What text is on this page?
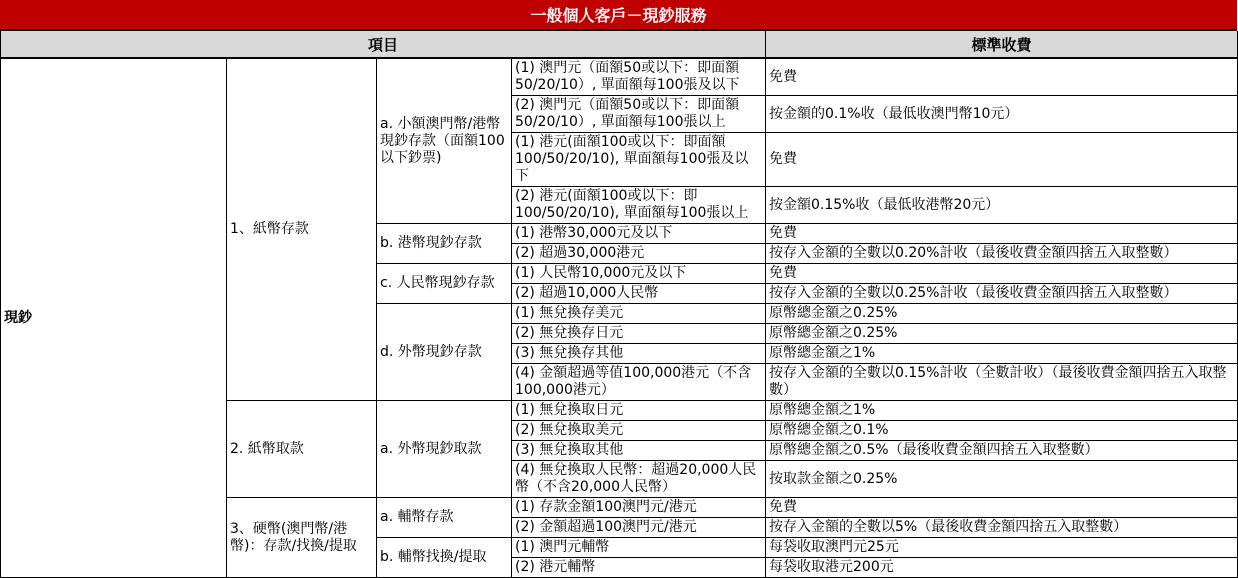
一般個人客戶－現鈔服務
項目				標準收費
現鈔	1、紙幣存款	a. 小額澳門幣/港幣現鈔存款（面額100以下鈔票)	(1) 澳門元（面額50或以下：即面額50/20/10）, 單面額每100張及以下	免費
			(2) 澳門元（面額50或以下：即面額50/20/10）, 單面額每100張以上	按金額的0.1%收（最低收澳門幣10元）
			(1) 港元(面額100或以下：即面額100/50/20/10), 單面額每100張及以下	免費
			(2) 港元(面額100或以下：即100/50/20/10), 單面額每100張以上	按金額0.15%收（最低收港幣20元）
		b. 港幣現鈔存款	(1) 港幣30,000元及以下	免費
			(2) 超過30,000港元	按存入金額的全數以0.20%計收（最後收費金額四捨五入取整數）
		c. 人民幣現鈔存款	(1) 人民幣10,000元及以下	免費
			(2) 超過10,000人民幣	按存入金額的全數以0.25%計收（最後收費金額四捨五入取整數）
		d. 外幣現鈔存款	(1) 無兌換存美元	原幣總金額之0.25%
			(2) 無兌換存日元	原幣總金額之0.25%
			(3) 無兌換存其他	原幣總金額之1%
			(4) 金額超過等值100,000港元（不含100,000港元）	按存入金額的全數以0.15%計收（全數計收）（最後收費金額四捨五入取整數）
	2. 紙幣取款	a. 外幣現鈔取款	(1) 無兌換取日元	原幣總金額之1%
			(2) 無兌換取美元	原幣總金額之0.1%
			(3) 無兌換取其他	原幣總金額之0.5%（最後收費金額四捨五入取整數）
			(4) 無兌換取人民幣：超過20,000人民幣（不含20,000人民幣）	按取款金額之0.25%
	3、硬幣(澳門幣/港幣)：存款/找換/提取	a. 輔幣存款	(1) 存款金額100澳門元/港元	免費
			(2) 金額超過100澳門元/港元	按存入金額的全數以5%（最後收費金額四捨五入取整數）
		b. 輔幣找換/提取	(1) 澳門元輔幣	每袋收取澳門元25元
			(2) 港元輔幣	每袋收取港元200元
